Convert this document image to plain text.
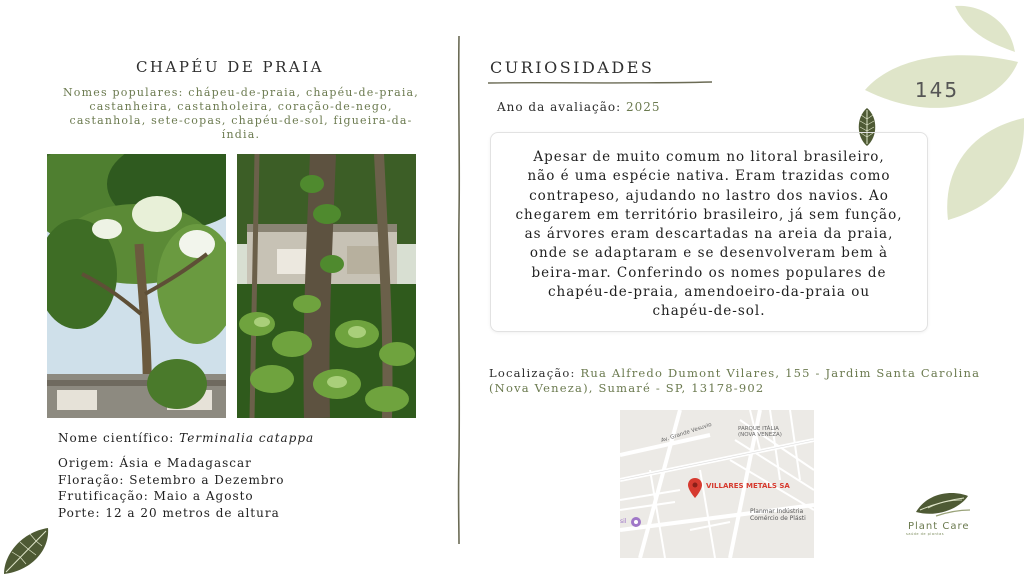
CHAPÉU DE PRAIA
Nomes populares: chápeu-de-praia, chapéu-de-praia, castanheira, castanholeira, coração-de-nego, castanhola, sete-copas, chapéu-de-sol, figueira-da-índia.
Nome científico: Terminalia catappa
Origem: Ásia e Madagascar
Floração: Setembro a Dezembro
Frutificação: Maio a Agosto
Porte: 12 a 20 metros de altura
CURIOSIDADES
Ano da avaliação: 2025
Apesar de muito comum no litoral brasileiro,
não é uma espécie nativa. Eram trazidas como
contrapeso, ajudando no lastro dos navios. Ao
chegarem em território brasileiro, já sem função,
as árvores eram descartadas na areia da praia,
onde se adaptaram e se desenvolveram bem à
beira-mar. Conferindo os nomes populares de
chapéu-de-praia, amendoeiro-da-praia ou
chapéu-de-sol.
Localização: Rua Alfredo Dumont Vilares, 155 - Jardim Santa Carolina
(Nova Veneza), Sumaré - SP, 13178-902
PARQUE ITÁLIA
(NOVA VENEZA)
Av. Grande Vesuvio
VILLARES METALS SA
Planmar Indústria
Comércio de Plásti
sil
145
Plant Care
saúde de plantas
